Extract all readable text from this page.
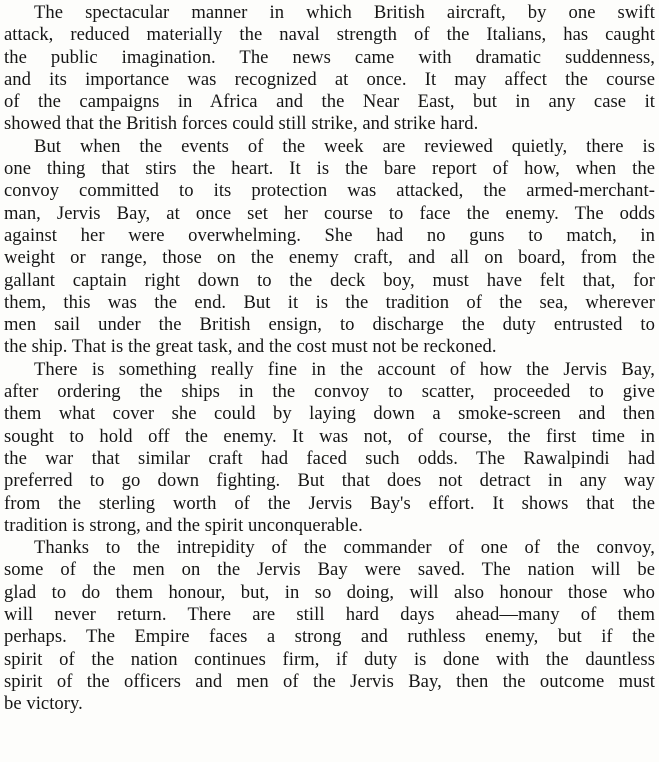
The spectacular manner in which British aircraft, by one swift
attack, reduced materially the naval strength of the Italians, has caught
the public imagination. The news came with dramatic suddenness,
and its importance was recognized at once. It may affect the course
of the campaigns in Africa and the Near East, but in any case it
showed that the British forces could still strike, and strike hard.

But when the events of the week are reviewed quietly, there is
one thing that stirs the heart. It is the bare report of how, when the
convoy committed to its protection was attacked, the armed-merchant-
man, Jervis Bay, at once set her course to face the enemy. The odds
against her were overwhelming. She had no guns to match, in
weight or range, those on the enemy craft, and all on board, from the
gallant captain right down to the deck boy, must have felt that, for
them, this was the end. But it is the tradition of the sea, wherever
men sail under the British ensign, to discharge the duty entrusted to
the ship. That is the great task, and the cost must not be reckoned.

There is something really fine in the account of how the Jervis Bay,
after ordering the ships in the convoy to scatter, proceeded to give
them what cover she could by laying down a smoke-screen and then
sought to hold off the enemy. It was not, of course, the first time in
the war that similar craft had faced such odds. The Rawalpindi had
preferred to go down fighting. But that does not detract in any way
from the sterling worth of the Jervis Bay's effort. It shows that the
tradition is strong, and the spirit unconquerable.

Thanks to the intrepidity of the commander of one of the convoy,
some of the men on the Jervis Bay were saved. The nation will be
glad to do them honour, but, in so doing, will also honour those who
will never return. There are still hard days ahead—many of them
perhaps. The Empire faces a strong and ruthless enemy, but if the
spirit of the nation continues firm, if duty is done with the dauntless
spirit of the officers and men of the Jervis Bay, then the outcome must
be victory.
